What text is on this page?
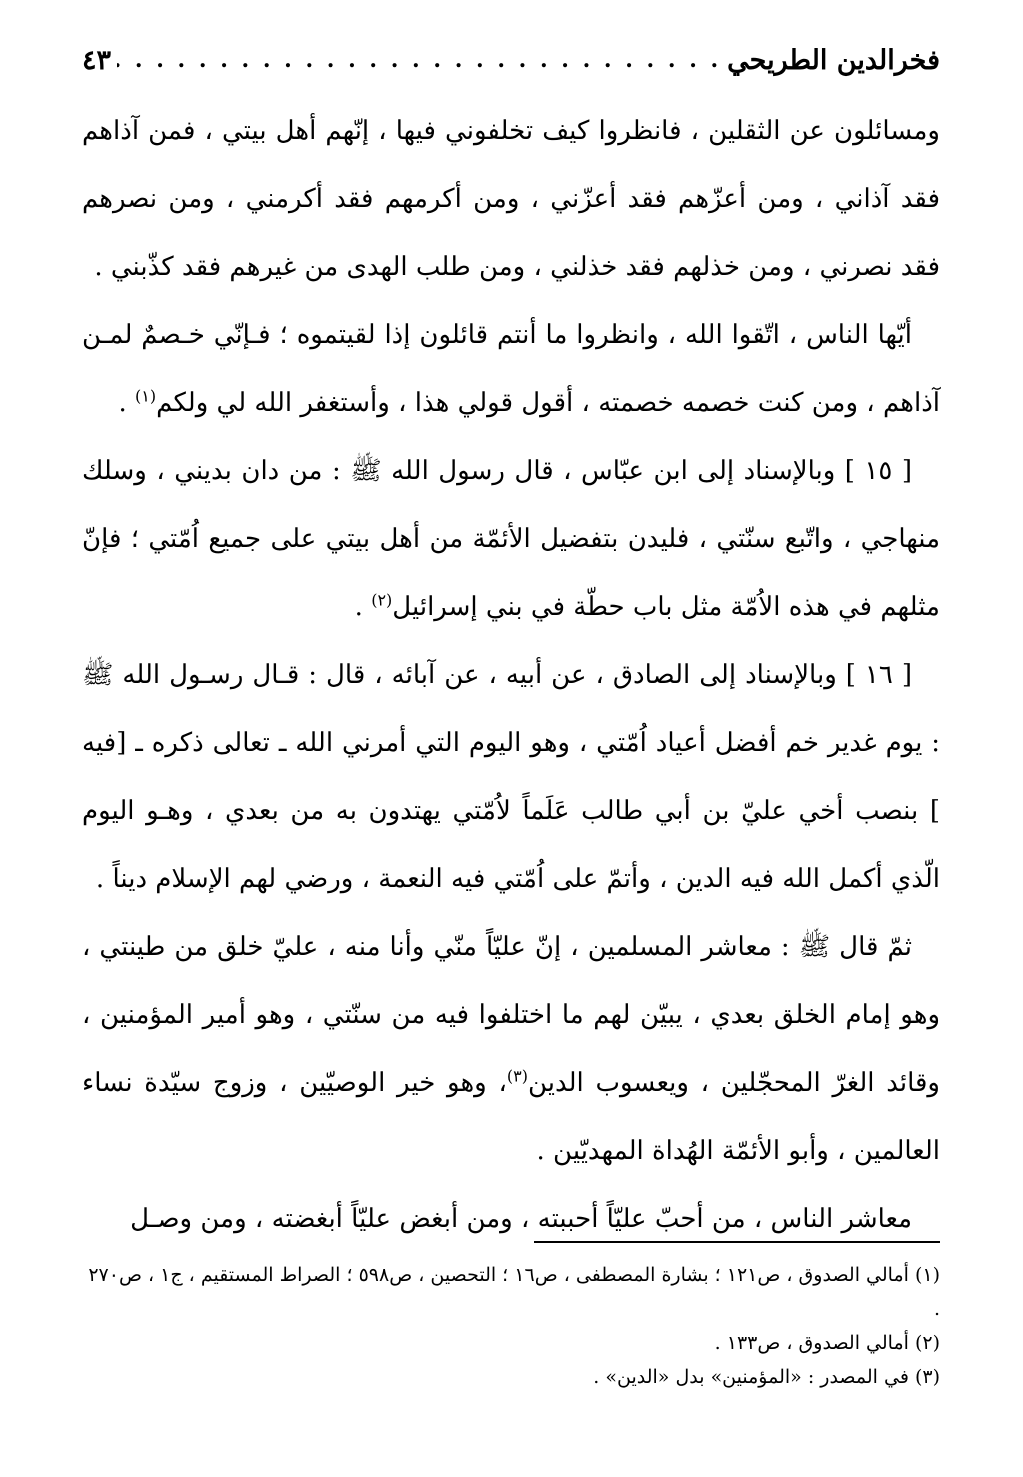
فخرالدين الطريحي
. . .
٤٣

ومسائلون عن الثقلين ، فانظروا كيف تخلفوني فيها ، إنّهم أهل بيتي ، فمن آذاهم فقد آذاني ، ومن أعزّهم فقد أعزّني ، ومن أكرمهم فقد أكرمني ، ومن نصرهم فقد نصرني ، ومن خذلهم فقد خذلني ، ومن طلب الهدى من غيرهم فقد كذّبني .

أيّها الناس ، اتّقوا الله ، وانظروا ما أنتم قائلون إذا لقيتموه ؛ فـإنّي خـصمٌ لمـن آذاهم ، ومن كنت خصمه خصمته ، أقول قولي هذا ، وأستغفر الله لي ولكم$^{(١)}$ .

[ ١٥ ] وبالإسناد إلى ابن عبّاس ، قال رسول الله ﷺ : من دان بديني ، وسلك منهاجي ، واتّبع سنّتي ، فليدن بتفضيل الأئمّة من أهل بيتي على جميع اُمّتي ؛ فإنّ مثلهم في هذه الاُمّة مثل باب حطّة في بني إسرائيل$^{(٢)}$ .

[ ١٦ ] وبالإسناد إلى الصادق ، عن أبيه ، عن آبائه ، قال : قـال رسـول الله ﷺ : يوم غدير خم أفضل أعياد اُمّتي ، وهو اليوم التي أمرني الله ـ تعالى ذكره ـ [فيه ] بنصب أخي عليّ بن أبي طالب عَلَماً لاُمّتي يهتدون به من بعدي ، وهـو اليوم الّذي أكمل الله فيه الدين ، وأتمّ على اُمّتي فيه النعمة ، ورضي لهم الإسلام ديناً .

ثمّ قال ﷺ : معاشر المسلمين ، إنّ عليّاً منّي وأنا منه ، عليّ خلق من طينتي ، وهو إمام الخلق بعدي ، يبيّن لهم ما اختلفوا فيه من سنّتي ، وهو أمير المؤمنين ، وقائد الغرّ المحجّلين ، ويعسوب الدين$^{(٣)}$، وهو خير الوصيّين ، وزوج سيّدة نساء العالمين ، وأبو الأئمّة الهُداة المهديّين .

معاشر الناس ، من أحبّ عليّاً أحببته ، ومن أبغض عليّاً أبغضته ، ومن وصـل

(١) أمالي الصدوق ، ص١٢١ ؛ بشارة المصطفى ، ص١٦ ؛ التحصين ، ص٥٩٨ ؛ الصراط المستقيم ، ج١ ، ص٢٧٠ .

(٢) أمالي الصدوق ، ص١٣٣ .

(٣) في المصدر : «المؤمنين» بدل «الدين» .
